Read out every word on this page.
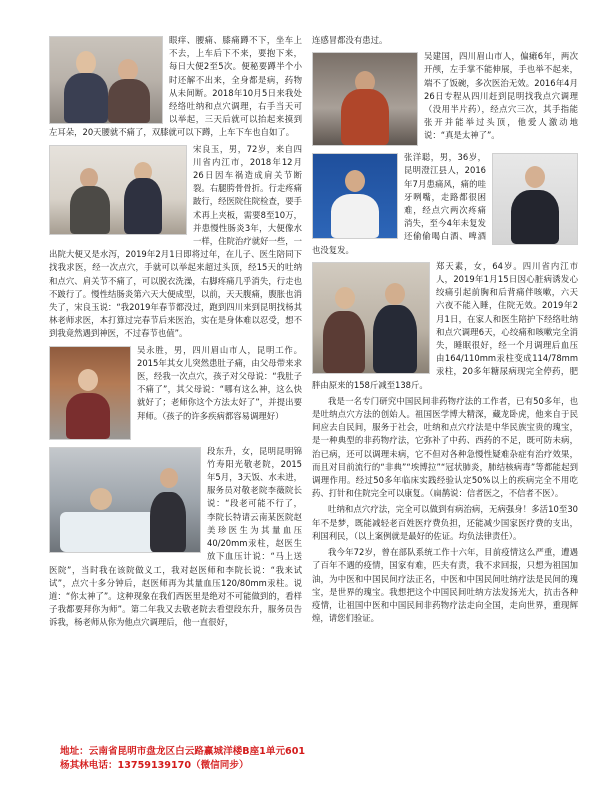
眼痒、腰痛、膝痛蹲不下，坐车上不去，上车后下不来，要抱下来，每日大便2至5次。便秘要蹲半个小时还解不出来，全身都是病，药物从未间断。2018年10月5日来我处经络吐纳和点穴调理，右手当天可以举起，三天后就可以抬起来摸到左耳朵，20天腰就不痛了，双膝就可以下蹲，上车下车也自如了。

宋良玉，男，72岁，来自四川省内江市，2018年12月26日因车祸造成肩关节断裂。右腿胯骨骨折。行走疼痛跛行，经医院住院检查，要手术再上夹板，需要8至10万，并患慢性肠炎3年，大便像水一样，住院治疗就好一些，一出院大便又是水泻，2019年2月1日即将过年，在儿子、医生陪同下找我求医，经一次点穴，手就可以举起来超过头顶，经15天的吐纳和点穴、肩关节不痛了，可以脱衣洗澡，右脚疼痛几乎消失，行走也不跛行了。慢性结肠炎第六天大便成型，以前，天天腹痛，腹胀也消失了，宋良玉说：“我2019年春节都没过，跑到四川来到昆明找杨其林老师求医，本打算过完春节后来医治，实在是身体难以忍受，想不到我竟然遇到神医，不过春节也值”。

吴永胜，男，四川眉山市人，昆明工作。2015年其女儿突然患肚子痛，由父母带来求医，经我一次点穴，孩子对父母说：“我肚子不痛了”，其父母说：“哪有这么神，这么快就好了；老师你这个方法太好了”，并提出要拜师。（孩子的许多疾病都容易调理好）

段东升，女，昆明昆明锦竹寿阳光敬老院，2015年5月，3天饭、水未进，服务员对敬老院李薇院长说：“段老可能不行了，李院长特请云南某医院赵美珍医生为其量血压40/20mm汞柱，赵医生放下血压计说：“马上送医院”，当时我在该院做义工，我对赵医师和李院长说：“我来试试”，点穴十多分钟后，赵医师再为其量血压120/80mm汞柱。说道：“你太神了”。这种现象在我们西医里是绝对不可能做到的，看样子我都要拜你为师”。第二年我又去敬老院去看望段东升，服务员告诉我，杨老师从你为他点穴调理后，他一直很好，

连感冒都没有患过。

吴建国，四川眉山市人，偏瘫6年，两次开颅，左手掌不能伸展，手也举不起来，端不了饭碗，多次医治无效。2016年4月26日专程从四川赶到昆明找我点穴调理（没用半片药），经点穴三次，其手指能张开并能举过头顶，他爱人激动地说：“真是太神了”。

张洋聪，男，36岁，昆明澄江县人，2016年7月患痛风，痛的哇牙咧嘴，走路都很困难，经点穴两次疼痛消失，至今4年未复发还偷偷喝白酒、啤酒也没复发。

郑天素，女，64岁。四川省内江市人，2019年1月15日因心脏病诱发心绞痛引起前胸和后背痛伴咳嗽，六天六夜不能入睡，住院无效。2019年2月1日，在家人和医生陪护下经络吐纳和点穴调理6天，心绞痛和咳嗽完全消失，睡眠很好，经一个月调理后血压由164/110mm汞柱变成114/78mm汞柱，20多年糖尿病现完全停药，肥胖由原来的158斤减至138斤。

我是一名专门研究中国民间非药物疗法的工作者，已有50多年，也是吐纳点穴方法的创始人。祖国医学博大精深，藏龙卧虎，他来自于民间应去自民间，服务于社会，吐纳和点穴疗法是中华民族宝贵的瑰宝，是一种典型的非药物疗法，它弥补了中药、西药的不足，既可防未病，治已病，还可以调理未病，它不但对各种急慢性疑难杂症有治疗效果，而且对目前流行的“非典”“埃博拉”“冠状肺炎，肺结核病毒”等都能起到调理作用。经过50多年临床实践经验认定50%以上的疾病完全不用吃药、打针和住院完全可以康复。（扁鹊说：信者医之，不信者不医）。

吐纳和点穴疗法，完全可以做到有病治病，无病强身！多活10至30年不是梦，既能减轻老百姓医疗费负担，还能减少国家医疗费的支出，利国利民，（以上案例就是最好的佐证。均负法律责任）。

我今年72岁，曾在部队系统工作十六年，目前疫情这么严重，遭遇了百年不遇的疫情，国家有难，匹夫有责，我不求回报，只想为祖国加油，为中医和中国民间疗法正名，中医和中国民间吐纳疗法是民间的瑰宝，是世界的瑰宝。我想把这个中国民间吐纳方法发扬光大，抗击各种疫情，让祖国中医和中国民间非药物疗法走向全国，走向世界，重现辉煌，请您们验证。

地址：云南省昆明市盘龙区白云路赢城洋楼B座1单元601
杨其林电话：13759139170（微信同步）
